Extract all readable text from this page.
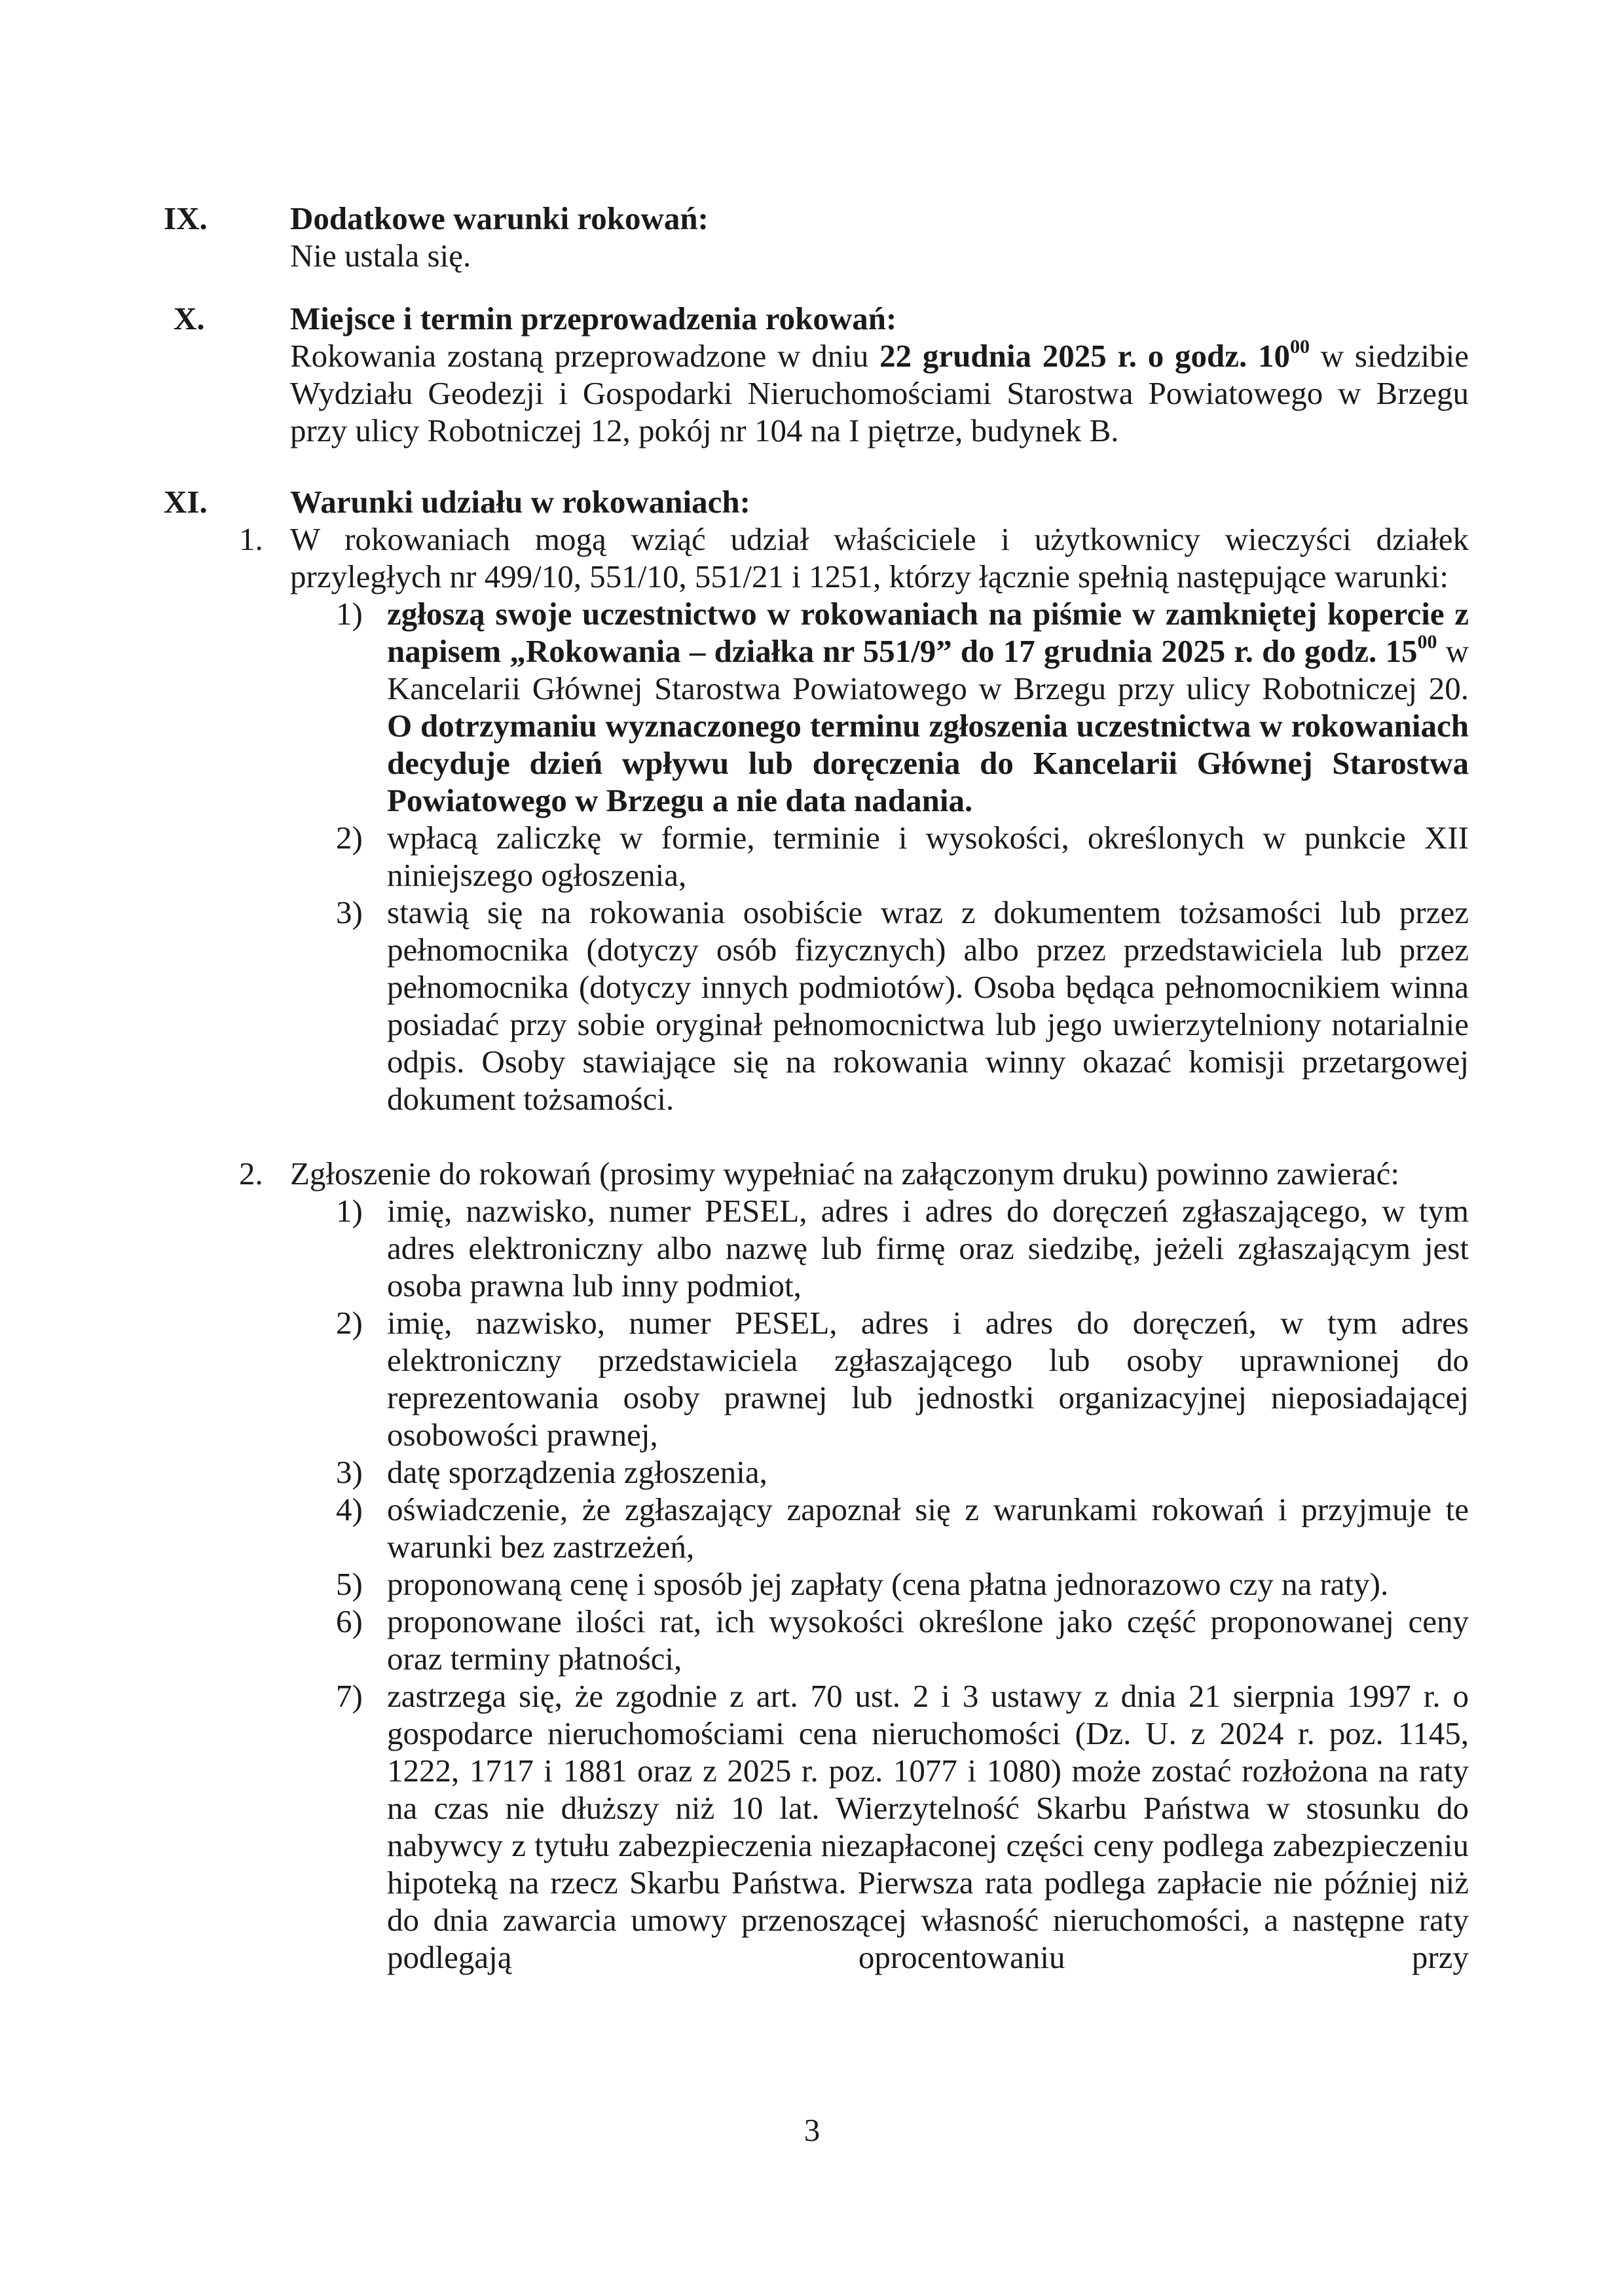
IX.	Dodatkowe warunki rokowań:
Nie ustala się.
X.	Miejsce i termin przeprowadzenia rokowań:
Rokowania zostaną przeprowadzone w dniu 22 grudnia 2025 r. o godz. $10^{00}$ w siedzibie Wydziału Geodezji i Gospodarki Nieruchomościami Starostwa Powiatowego w Brzegu przy ulicy Robotniczej 12, pokój nr 104 na I piętrze, budynek B.
XI.	Warunki udziału w rokowaniach:
1. W rokowaniach mogą wziąć udział właściciele i użytkownicy wieczyści działek przyległych nr 499/10, 551/10, 551/21 i 1251, którzy łącznie spełnią następujące warunki:
1) zgłoszą swoje uczestnictwo w rokowaniach na piśmie w zamkniętej kopercie z napisem „Rokowania – działka nr 551/9” do 17 grudnia 2025 r. do godz. $15^{00}$ w Kancelarii Głównej Starostwa Powiatowego w Brzegu przy ulicy Robotniczej 20. O dotrzymaniu wyznaczonego terminu zgłoszenia uczestnictwa w rokowaniach decyduje dzień wpływu lub doręczenia do Kancelarii Głównej Starostwa Powiatowego w Brzegu a nie data nadania.
2) wpłacą zaliczkę w formie, terminie i wysokości, określonych w punkcie XII niniejszego ogłoszenia,
3) stawią się na rokowania osobiście wraz z dokumentem tożsamości lub przez pełnomocnika (dotyczy osób fizycznych) albo przez przedstawiciela lub przez pełnomocnika (dotyczy innych podmiotów). Osoba będąca pełnomocnikiem winna posiadać przy sobie oryginał pełnomocnictwa lub jego uwierzytelniony notarialnie odpis. Osoby stawiające się na rokowania winny okazać komisji przetargowej dokument tożsamości.
2. Zgłoszenie do rokowań (prosimy wypełniać na załączonym druku) powinno zawierać:
1) imię, nazwisko, numer PESEL, adres i adres do doręczeń zgłaszającego, w tym adres elektroniczny albo nazwę lub firmę oraz siedzibę, jeżeli zgłaszającym jest osoba prawna lub inny podmiot,
2) imię, nazwisko, numer PESEL, adres i adres do doręczeń, w tym adres elektroniczny przedstawiciela zgłaszającego lub osoby uprawnionej do reprezentowania osoby prawnej lub jednostki organizacyjnej nieposiadającej osobowości prawnej,
3) datę sporządzenia zgłoszenia,
4) oświadczenie, że zgłaszający zapoznał się z warunkami rokowań i przyjmuje te warunki bez zastrzeżeń,
5) proponowaną cenę i sposób jej zapłaty (cena płatna jednorazowo czy na raty).
6) proponowane ilości rat, ich wysokości określone jako część proponowanej ceny oraz terminy płatności,
7) zastrzega się, że zgodnie z art. 70 ust. 2 i 3 ustawy z dnia 21 sierpnia 1997 r. o gospodarce nieruchomościami cena nieruchomości (Dz. U. z 2024 r. poz. 1145, 1222, 1717 i 1881 oraz z 2025 r. poz. 1077 i 1080) może zostać rozłożona na raty na czas nie dłuższy niż 10 lat. Wierzytelność Skarbu Państwa w stosunku do nabywcy z tytułu zabezpieczenia niezapłaconej części ceny podlega zabezpieczeniu hipoteką na rzecz Skarbu Państwa. Pierwsza rata podlega zapłacie nie później niż do dnia zawarcia umowy przenoszącej własność nieruchomości, a następne raty podlegają oprocentowaniu przy
3
